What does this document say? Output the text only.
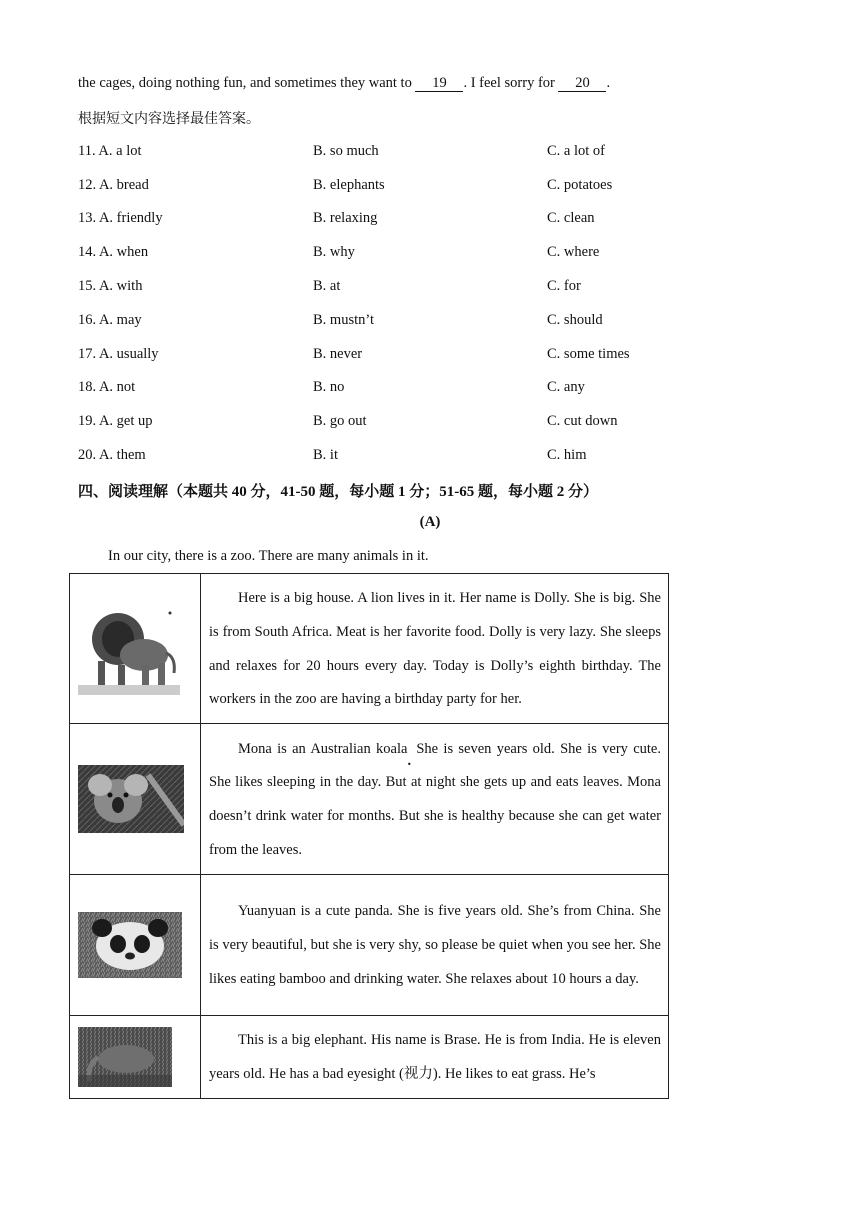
the cages, doing nothing fun, and sometimes they want to 19 . I feel sorry for 20 .
根据短文内容选择最佳答案。
11. A. a lot	B. so much	C. a lot of
12. A. bread	B. elephants	C. potatoes
13. A. friendly	B. relaxing	C. clean
14. A. when	B. why	C. where
15. A. with	B. at	C. for
16. A. may	B. mustn’t	C. should
17. A. usually	B. never	C. some times
18. A. not	B. no	C. any
19. A. get up	B. go out	C. cut down
20. A. them	B. it	C. him
四、阅读理解（本题共 40 分，41-50 题，每小题 1 分；51-65 题，每小题 2 分）
(A)
In our city, there is a zoo. There are many animals in it.

Here is a big house. A lion lives in it. Her name is Dolly. She is big. She is from South Africa. Meat is her favorite food. Dolly is very lazy. She sleeps and relaxes for 20 hours every day. Today is Dolly’s eighth birthday. The workers in the zoo are having a birthday party for her.

Mona is an Australian koala. She is seven years old. She is very cute. She likes sleeping in the day. But at night she gets up and eats leaves. Mona doesn’t drink water for months. But she is healthy because she can get water from the leaves.

Yuanyuan is a cute panda. She is five years old. She’s from China. She is very beautiful, but she is very shy, so please be quiet when you see her. She likes eating bamboo and drinking water. She relaxes about 10 hours a day.

This is a big elephant. His name is Brase. He is from India. He is eleven years old. He has a bad eyesight (视力). He likes to eat grass. He’s
